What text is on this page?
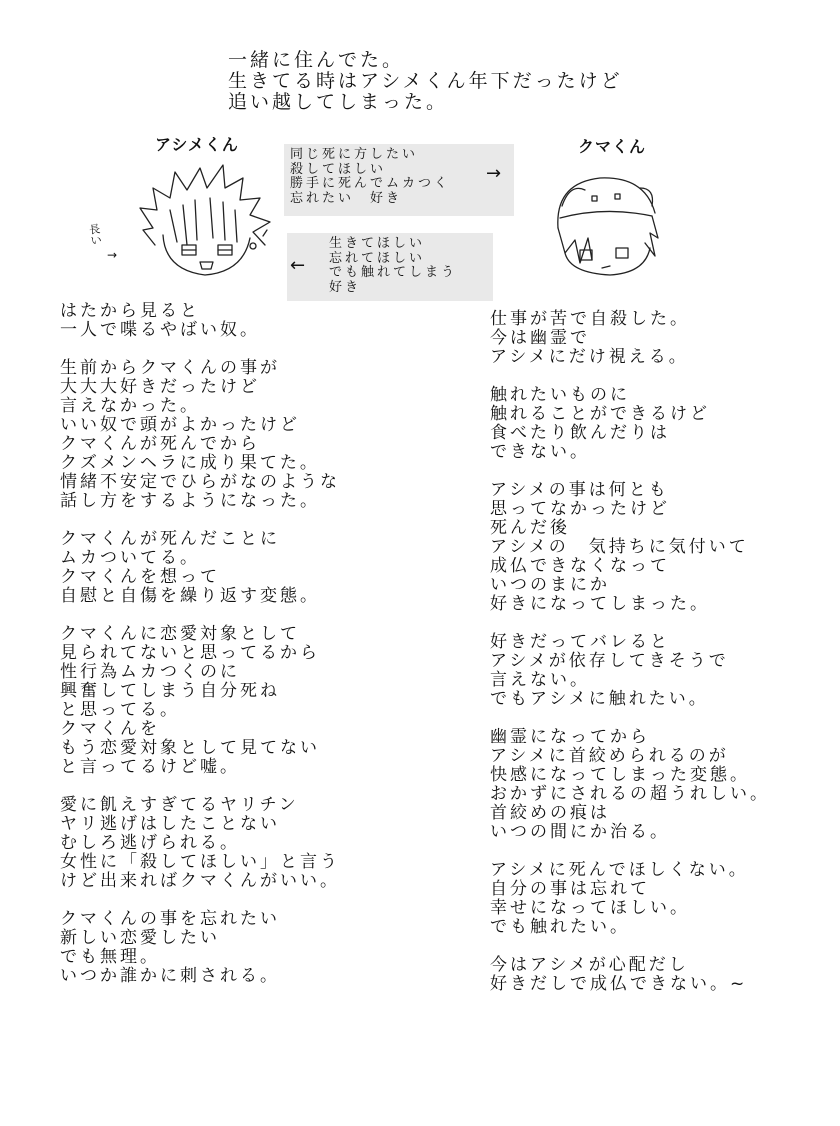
一緒に住んでた。
生きてる時はアシメくん年下だったけど
追い越してしまった。
アシメくん	クマくん
同じ死に方したい
殺してほしい
勝手に死んでムカつく
忘れたい　好き
→
生きてほしい
忘れてほしい
でも触れてしまう
好き
←
長い
→
はたから見ると
一人で喋るやばい奴。
生前からクマくんの事が
大大大好きだったけど
言えなかった。
いい奴で頭がよかったけど
クマくんが死んでから
クズメンヘラに成り果てた。
情緒不安定でひらがなのような
話し方をするようになった。
クマくんが死んだことに
ムカついてる。
クマくんを想って
自慰と自傷を繰り返す変態。
クマくんに恋愛対象として
見られてないと思ってるから
性行為ムカつくのに
興奮してしまう自分死ね
と思ってる。
クマくんを
もう恋愛対象として見てない
と言ってるけど嘘。
愛に飢えすぎてるヤリチン
ヤリ逃げはしたことない
むしろ逃げられる。
女性に「殺してほしい」と言う
けど出来ればクマくんがいい。
クマくんの事を忘れたい
新しい恋愛したい
でも無理。
いつか誰かに刺される。
仕事が苦で自殺した。
今は幽霊で
アシメにだけ視える。
触れたいものに
触れることができるけど
食べたり飲んだりは
できない。
アシメの事は何とも
思ってなかったけど
死んだ後
アシメの　気持ちに気付いて
成仏できなくなって
いつのまにか
好きになってしまった。
好きだってバレると
アシメが依存してきそうで
言えない。
でもアシメに触れたい。
幽霊になってから
アシメに首絞められるのが
快感になってしまった変態。
おかずにされるの超うれしい。
首絞めの痕は
いつの間にか治る。
アシメに死んでほしくない。
自分の事は忘れて
幸せになってほしい。
でも触れたい。
今はアシメが心配だし
好きだしで成仏できない。~
